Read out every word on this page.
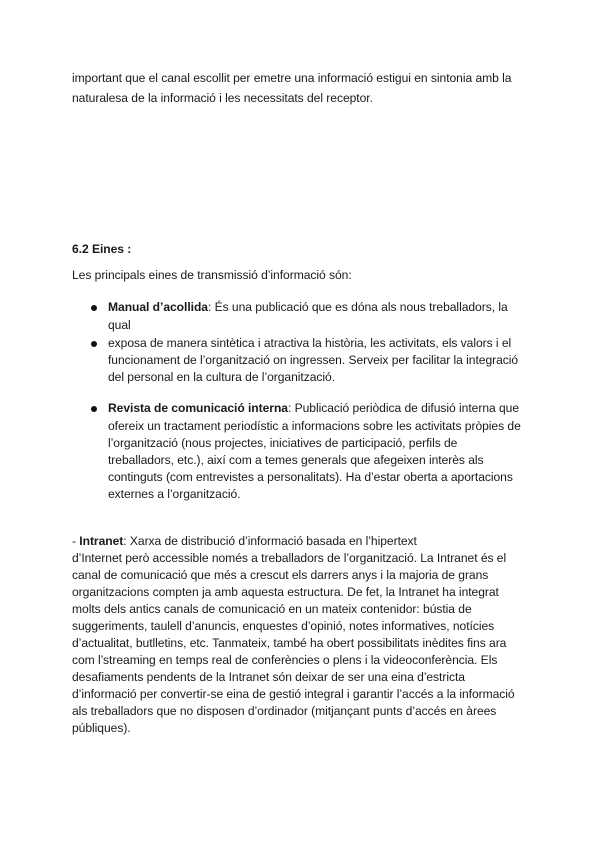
important que el canal escollit per emetre una informació estigui en sintonia amb la
naturalesa de la informació i les necessitats del receptor.
6.2 Eines :
Les principals eines de transmissió d’informació són:
Manual d’acollida: És una publicació que es dóna als nous treballadors, la
qual
exposa de manera sintètica i atractiva la història, les activitats, els valors i el
funcionament de l’organització on ingressen. Serveix per facilitar la integració
del personal en la cultura de l’organització.
Revista de comunicació interna: Publicació periòdica de difusió interna que
ofereix un tractament periodístic a informacions sobre les activitats pròpies de
l’organització (nous projectes, iniciatives de participació, perfils de
treballadors, etc.), així com a temes generals que afegeixen interès als
continguts (com entrevistes a personalitats). Ha d’estar oberta a aportacions
externes a l’organització.
- Intranet: Xarxa de distribució d’informació basada en l’hipertext
d’Internet però accessible només a treballadors de l’organització. La Intranet és el
canal de comunicació que més a crescut els darrers anys i la majoria de grans
organitzacions compten ja amb aquesta estructura. De fet, la Intranet ha integrat
molts dels antics canals de comunicació en un mateix contenidor: bústia de
suggeriments, taulell d’anuncis, enquestes d’opinió, notes informatives, notícies
d’actualitat, butlletins, etc. Tanmateix, també ha obert possibilitats inèdites fins ara
com l’streaming en temps real de conferències o plens i la videoconferència. Els
desafiaments pendents de la Intranet són deixar de ser una eina d’estricta
d’informació per convertir-se eina de gestió integral i garantir l’accés a la informació
als treballadors que no disposen d’ordinador (mitjançant punts d’accés en àrees
públiques).
